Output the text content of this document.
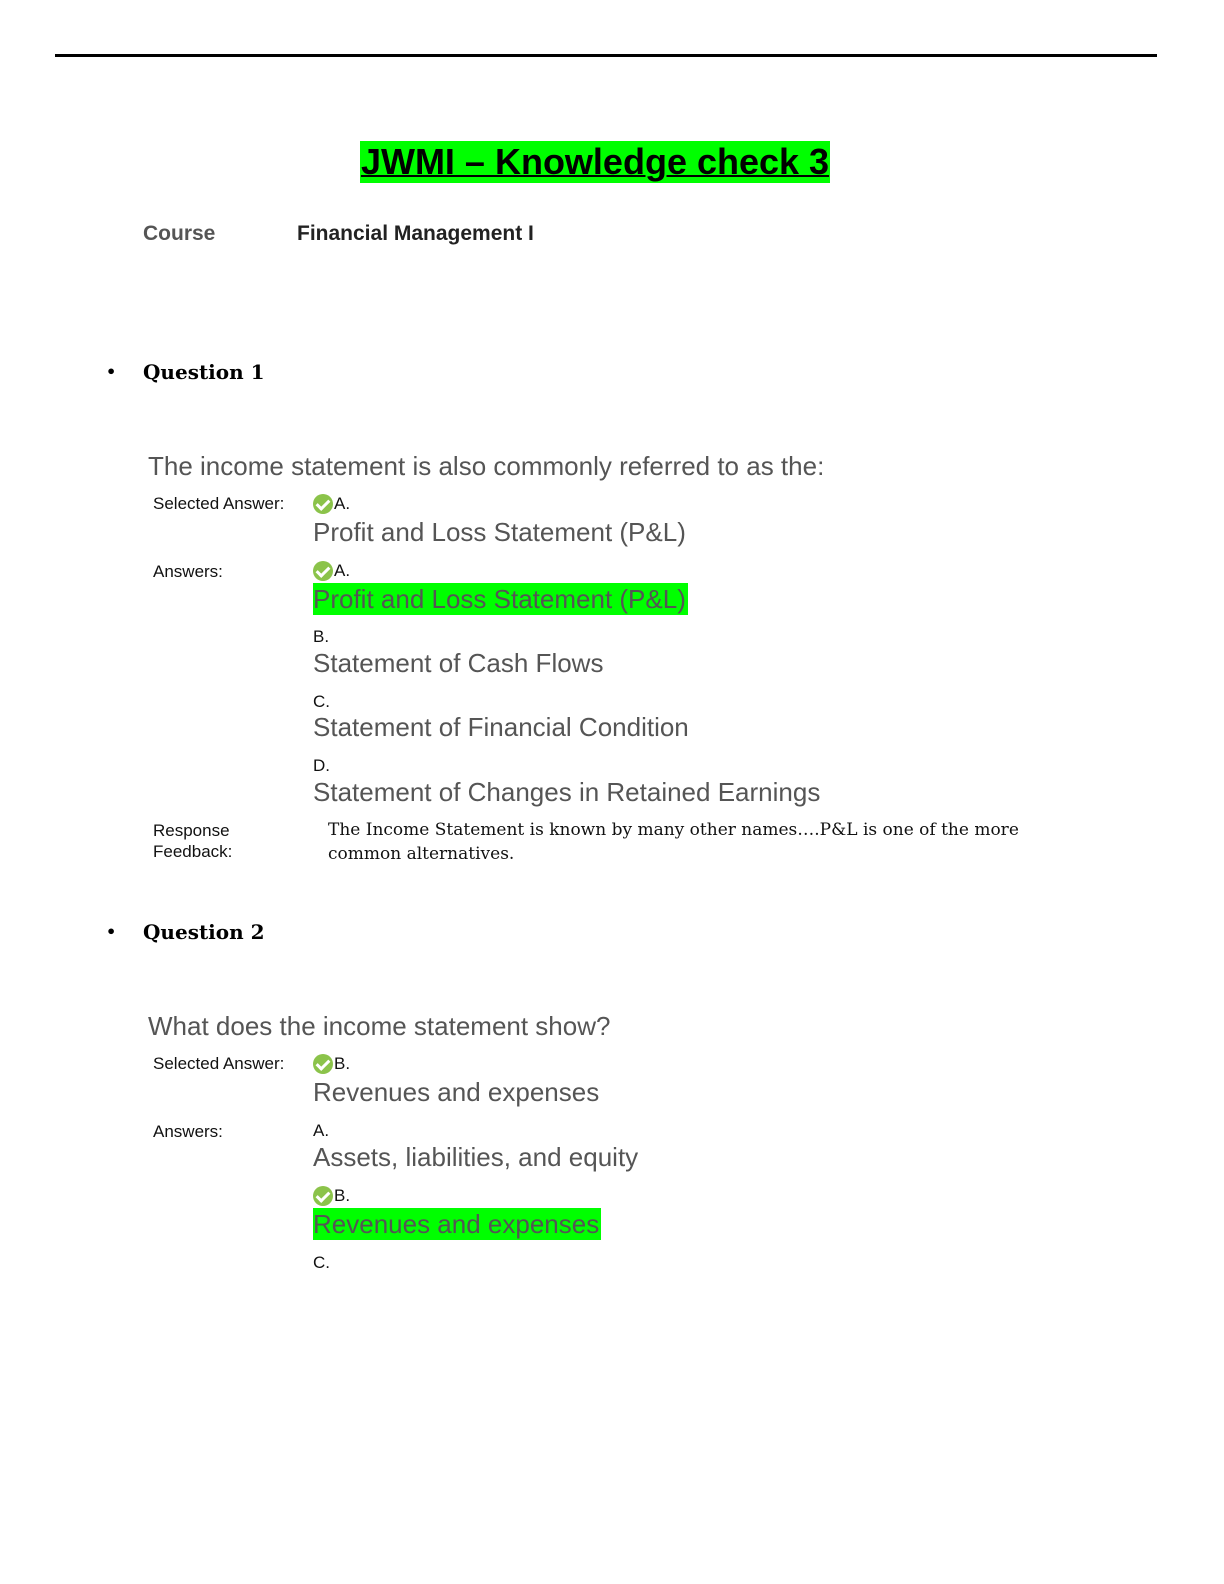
JWMI – Knowledge check 3
Course	Financial Management I
• Question 1
The income statement is also commonly referred to as the:
Selected Answer:	A.
Profit and Loss Statement (P&L)
Answers:	A.
Profit and Loss Statement (P&L)
B.
Statement of Cash Flows
C.
Statement of Financial Condition
D.
Statement of Changes in Retained Earnings
Response Feedback:
The Income Statement is known by many other names….P&L is one of the more common alternatives.
• Question 2
What does the income statement show?
Selected Answer:	B.
Revenues and expenses
Answers:	A.
Assets, liabilities, and equity
B.
Revenues and expenses
C.
